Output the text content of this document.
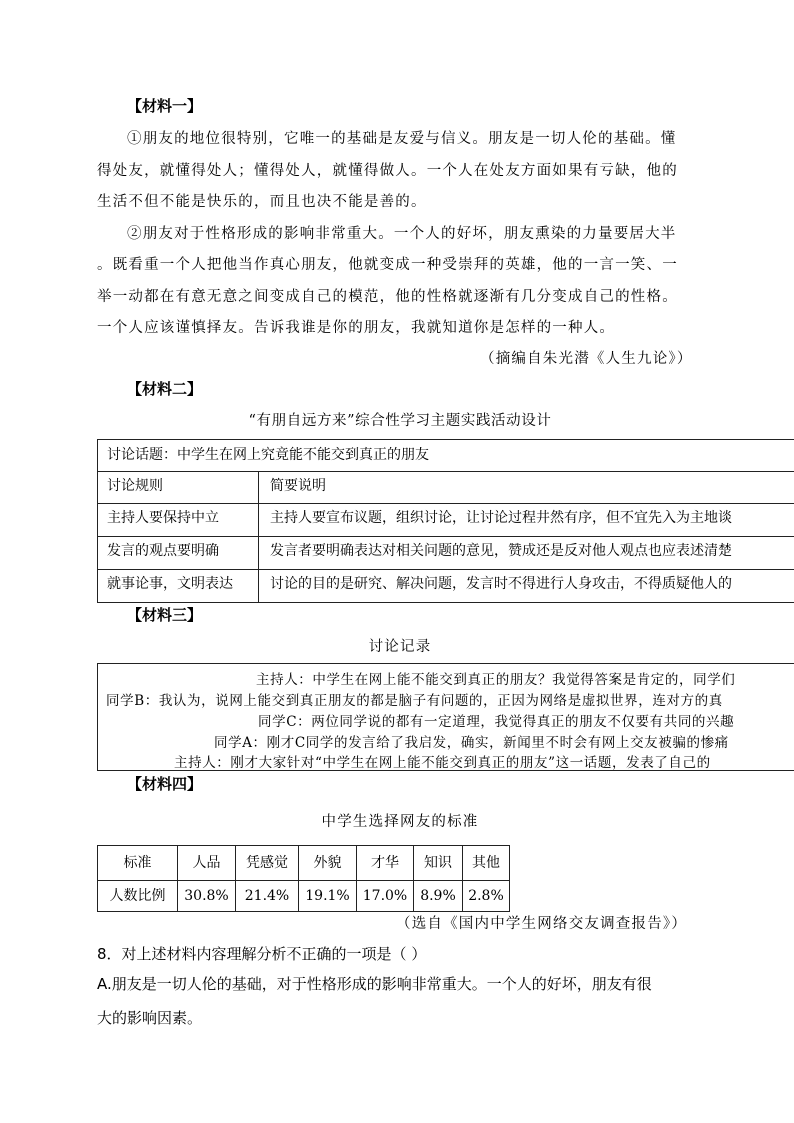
【材料一】
①朋友的地位很特别，它唯一的基础是友爱与信义。朋友是一切人伦的基础。懂
得处友，就懂得处人；懂得处人，就懂得做人。一个人在处友方面如果有亏缺，他的
生活不但不能是快乐的，而且也决不能是善的。
②朋友对于性格形成的影响非常重大。一个人的好坏，朋友熏染的力量要居大半
。既看重一个人把他当作真心朋友，他就变成一种受崇拜的英雄，他的一言一笑、一
举一动都在有意无意之间变成自己的模范，他的性格就逐渐有几分变成自己的性格。
一个人应该谨慎择友。告诉我谁是你的朋友，我就知道你是怎样的一种人。
（摘编自朱光潜《人生九论》）
【材料二】
“有朋自远方来”综合性学习主题实践活动设计
讨论话题：中学生在网上究竟能不能交到真正的朋友
讨论规则	简要说明
主持人要保持中立	主持人要宣布议题，组织讨论，让讨论过程井然有序，但不宜先入为主地谈
发言的观点要明确	发言者要明确表达对相关问题的意见，赞成还是反对他人观点也应表述清楚
就事论事，文明表达	讨论的目的是研究、解决问题，发言时不得进行人身攻击，不得质疑他人的
【材料三】
讨论记录
主持人：中学生在网上能不能交到真正的朋友？我觉得答案是肯定的，同学们
同学B：我认为，说网上能交到真正朋友的都是脑子有问题的，正因为网络是虚拟世界，连对方的真
同学C：两位同学说的都有一定道理，我觉得真正的朋友不仅要有共同的兴趣
同学A：刚才C同学的发言给了我启发，确实，新闻里不时会有网上交友被骗的惨痛
主持人：刚才大家针对“中学生在网上能不能交到真正的朋友”这一话题，发表了自己的
【材料四】
中学生选择网友的标准
标准	人品	凭感觉	外貌	才华	知识	其他
人数比例	30.8%	21.4%	19.1% 17.0% 8.9% 2.8%
（选自《国内中学生网络交友调查报告》）
8．对上述材料内容理解分析不正确的一项是（ ）
A.朋友是一切人伦的基础，对于性格形成的影响非常重大。一个人的好坏，朋友有很
大的影响因素。
